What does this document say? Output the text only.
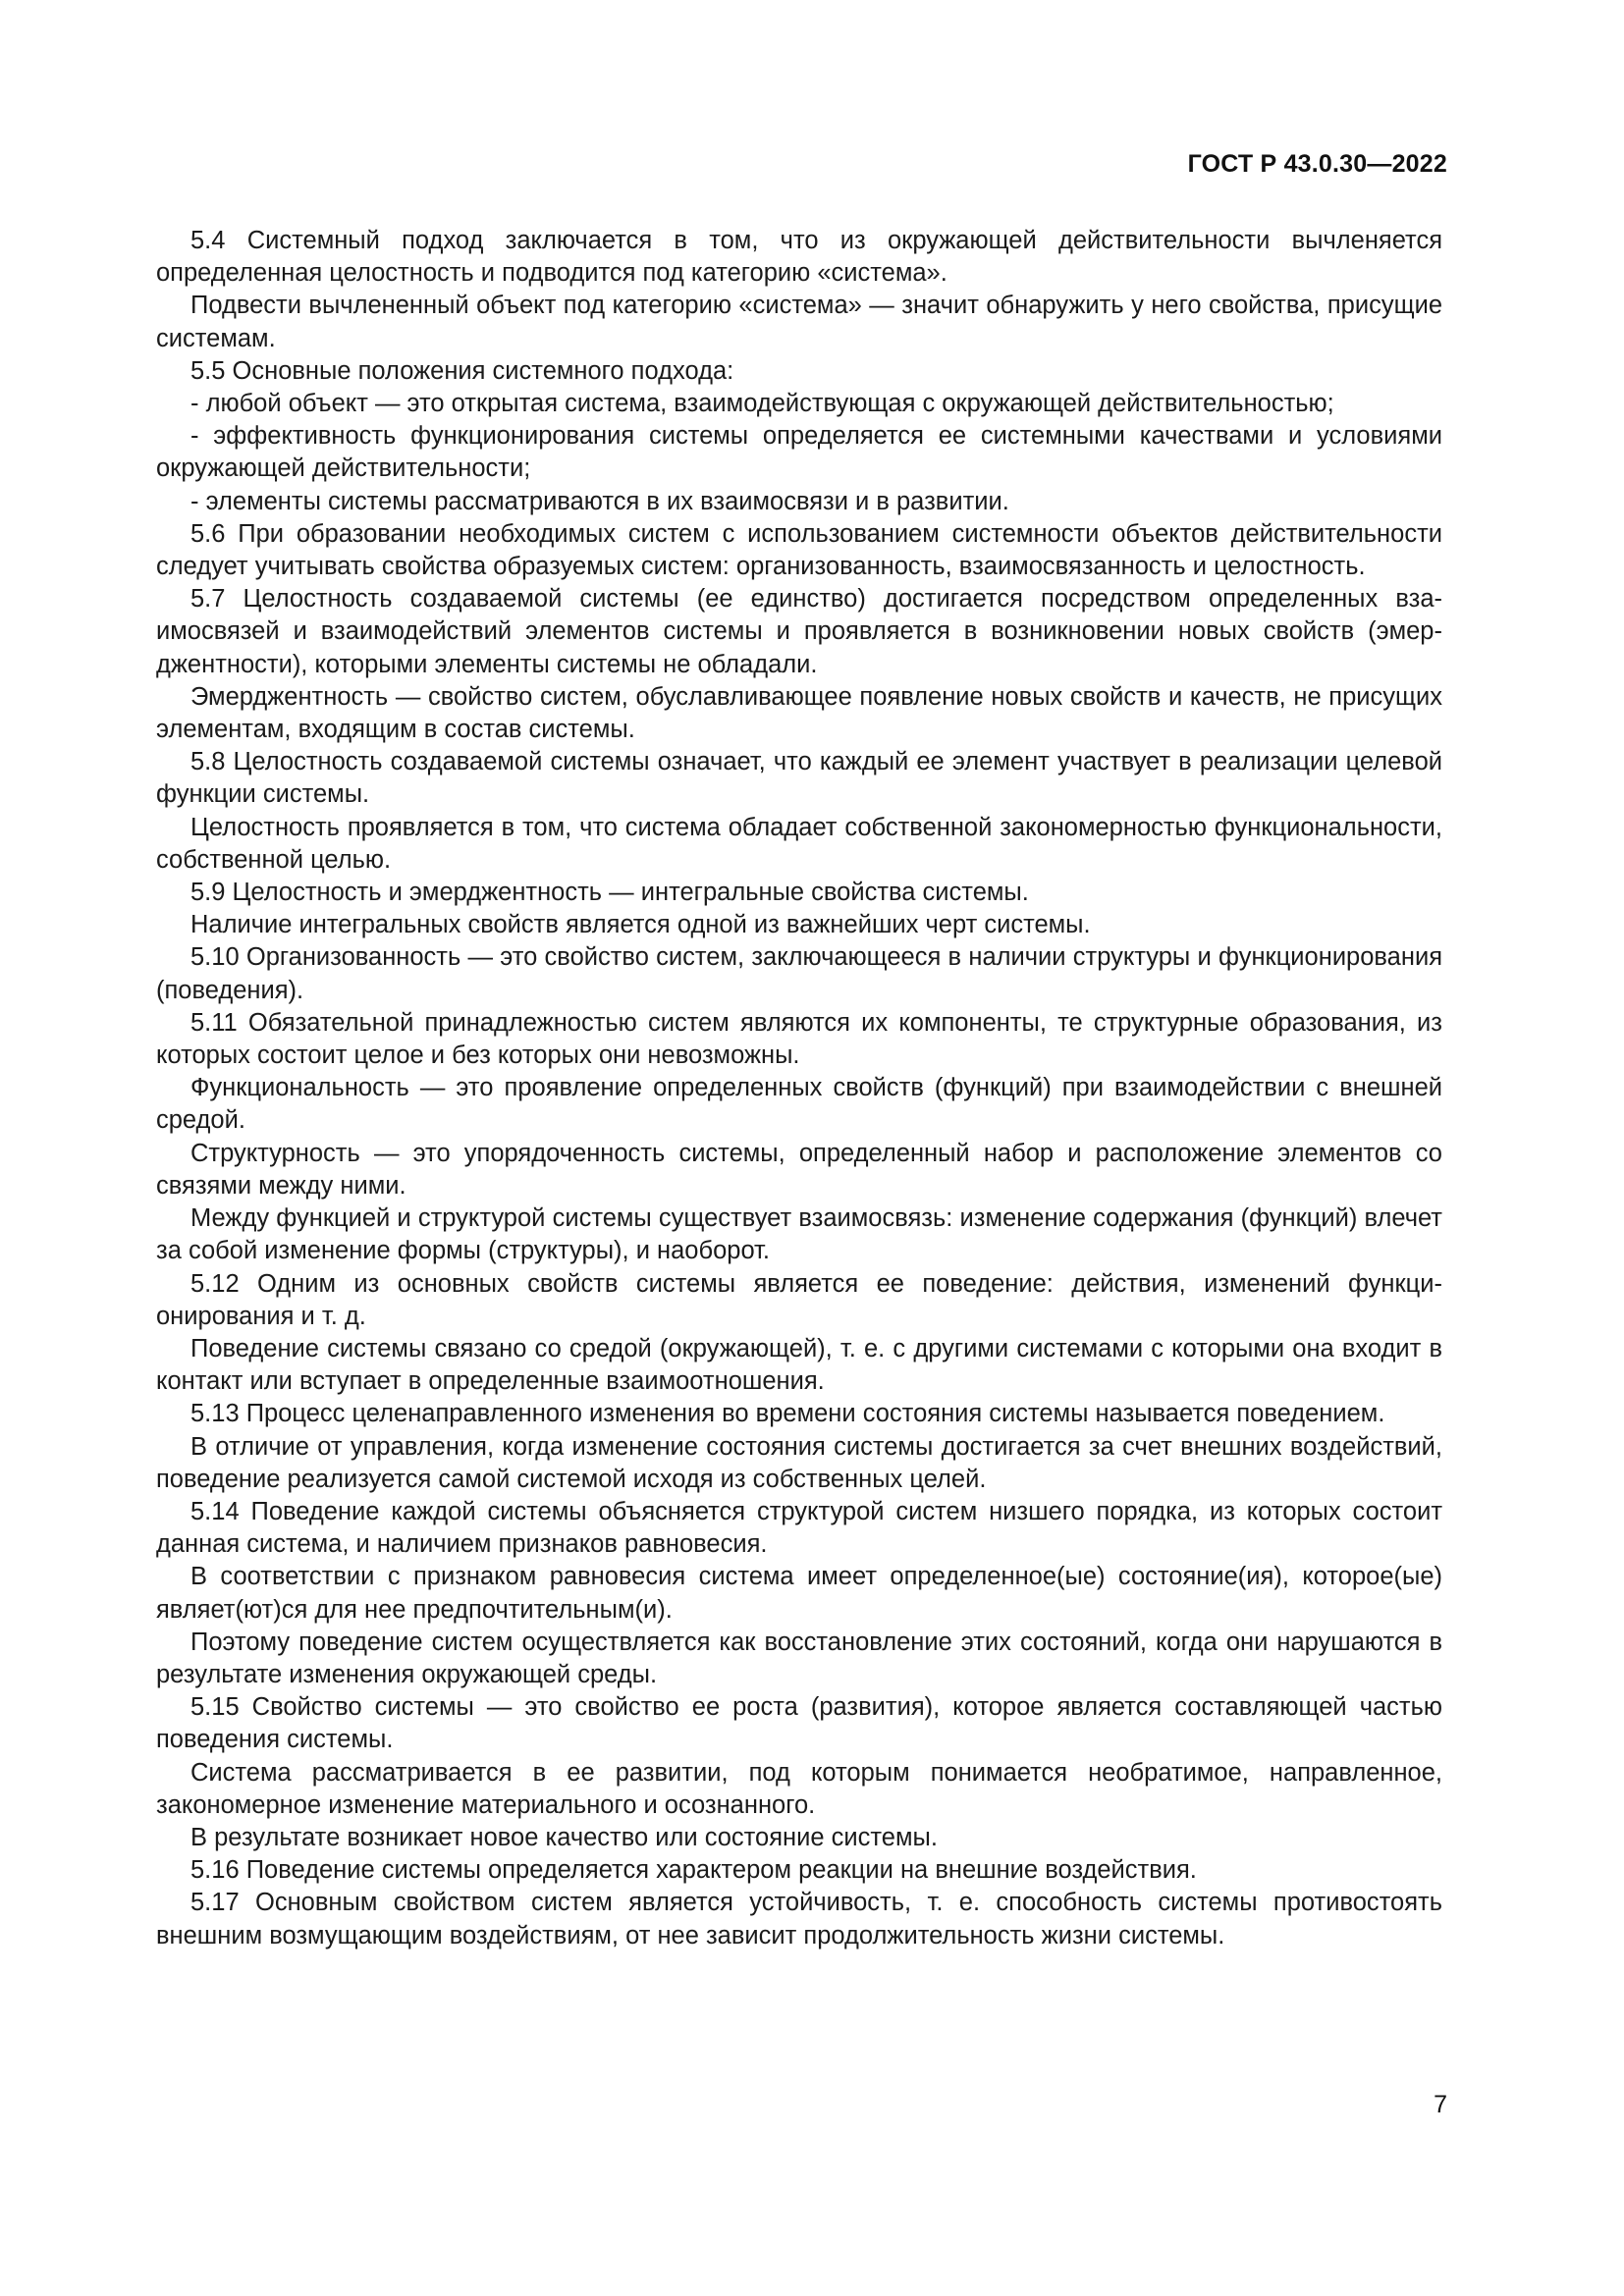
ГОСТ Р 43.0.30—2022

5.4 Системный подход заключается в том, что из окружающей действительности вычленяется определенная целостность и подводится под категорию «система».

Подвести вычлененный объект под категорию «система» — значит обнаружить у него свойства, присущие системам.

5.5 Основные положения системного подхода:

- любой объект — это открытая система, взаимодействующая с окружающей действительностью;

- эффективность функционирования системы определяется ее системными качествами и условиями окружающей действительности;

- элементы системы рассматриваются в их взаимосвязи и в развитии.

5.6 При образовании необходимых систем с использованием системности объектов действительности следует учитывать свойства образуемых систем: организованность, взаимосвязанность и целостность.

5.7 Целостность создаваемой системы (ее единство) достигается посредством определенных взаимосвязей и взаимодействий элементов системы и проявляется в возникновении новых свойств (эмерджентности), которыми элементы системы не обладали.

Эмерджентность — свойство систем, обуславливающее появление новых свойств и качеств, не присущих элементам, входящим в состав системы.

5.8 Целостность создаваемой системы означает, что каждый ее элемент участвует в реализации целевой функции системы.

Целостность проявляется в том, что система обладает собственной закономерностью функциональности, собственной целью.

5.9 Целостность и эмерджентность — интегральные свойства системы.

Наличие интегральных свойств является одной из важнейших черт системы.

5.10 Организованность — это свойство систем, заключающееся в наличии структуры и функционирования (поведения).

5.11 Обязательной принадлежностью систем являются их компоненты, те структурные образования, из которых состоит целое и без которых они невозможны.

Функциональность — это проявление определенных свойств (функций) при взаимодействии с внешней средой.

Структурность — это упорядоченность системы, определенный набор и расположение элементов со связями между ними.

Между функцией и структурой системы существует взаимосвязь: изменение содержания (функций) влечет за собой изменение формы (структуры), и наоборот.

5.12 Одним из основных свойств системы является ее поведение: действия, изменений функционирования и т. д.

Поведение системы связано со средой (окружающей), т. е. с другими системами с которыми она входит в контакт или вступает в определенные взаимоотношения.

5.13 Процесс целенаправленного изменения во времени состояния системы называется поведением.

В отличие от управления, когда изменение состояния системы достигается за счет внешних воздействий, поведение реализуется самой системой исходя из собственных целей.

5.14 Поведение каждой системы объясняется структурой систем низшего порядка, из которых состоит данная система, и наличием признаков равновесия.

В соответствии с признаком равновесия система имеет определенное(ые) состояние(ия), которое(ые) являет(ют)ся для нее предпочтительным(и).

Поэтому поведение систем осуществляется как восстановление этих состояний, когда они нарушаются в результате изменения окружающей среды.

5.15 Свойство системы — это свойство ее роста (развития), которое является составляющей частью поведения системы.

Система рассматривается в ее развитии, под которым понимается необратимое, направленное, закономерное изменение материального и осознанного.

В результате возникает новое качество или состояние системы.

5.16 Поведение системы определяется характером реакции на внешние воздействия.

5.17 Основным свойством систем является устойчивость, т. е. способность системы противостоять внешним возмущающим воздействиям, от нее зависит продолжительность жизни системы.

7
